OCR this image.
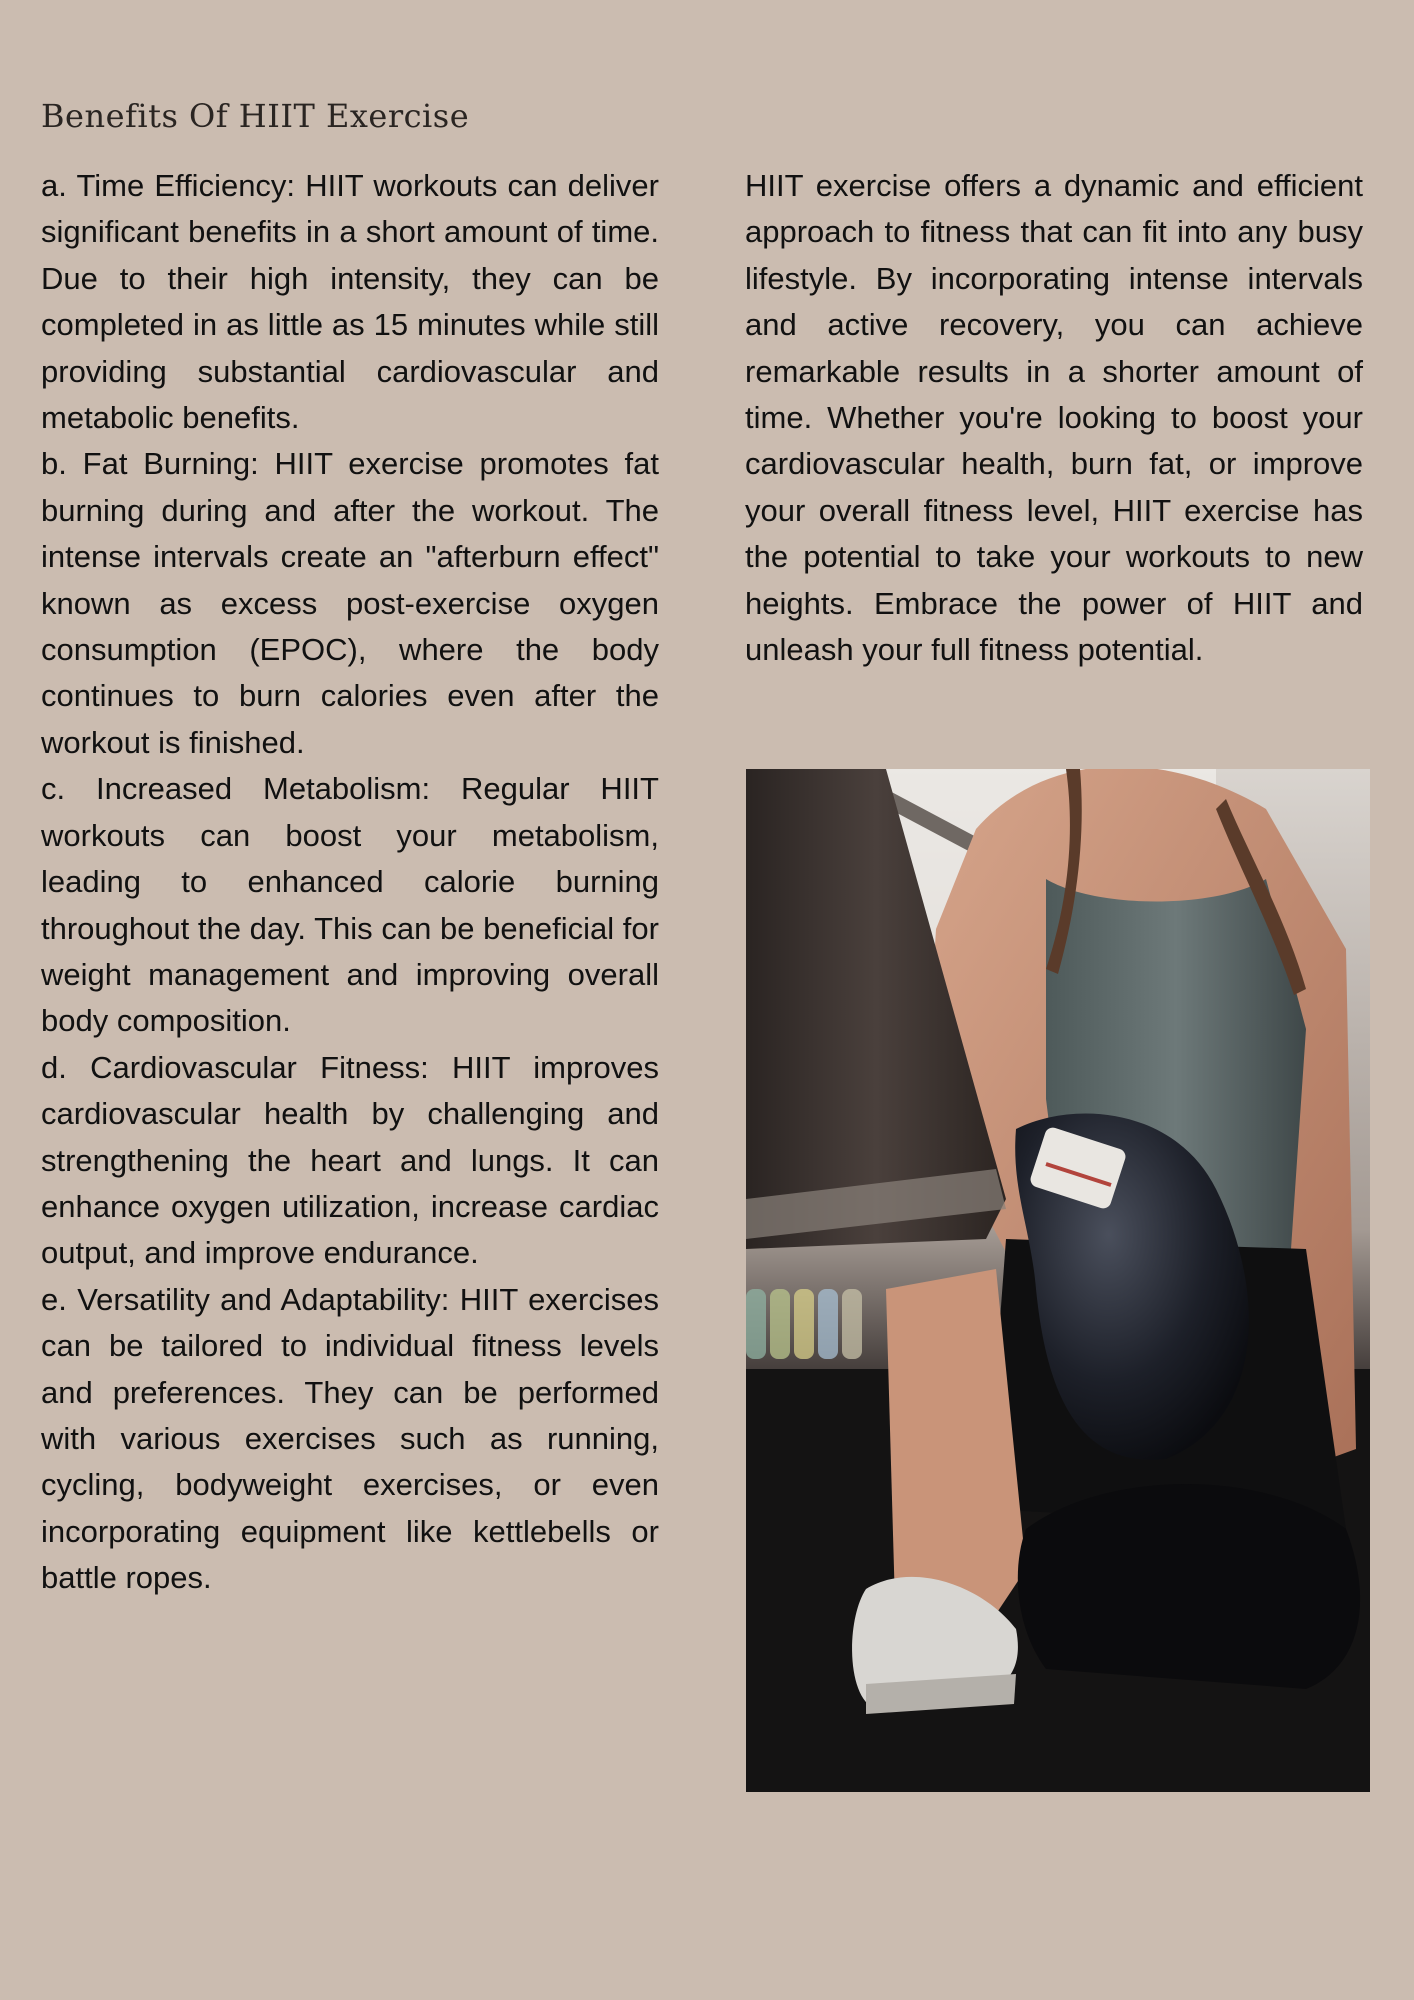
Benefits Of HIIT Exercise

a. Time Efficiency: HIIT workouts can deliver significant benefits in a short amount of time. Due to their high intensity, they can be completed in as little as 15 minutes while still providing substantial cardiovascular and metabolic benefits.

b. Fat Burning: HIIT exercise promotes fat burning during and after the workout. The intense intervals create an "afterburn effect" known as excess post-exercise oxygen consumption (EPOC), where the body continues to burn calories even after the workout is finished.

c. Increased Metabolism: Regular HIIT workouts can boost your metabolism, leading to enhanced calorie burning throughout the day. This can be beneficial for weight management and improving overall body composition.

d. Cardiovascular Fitness: HIIT improves cardiovascular health by challenging and strengthening the heart and lungs. It can enhance oxygen utilization, increase cardiac output, and improve endurance.

e. Versatility and Adaptability: HIIT exercises can be tailored to individual fitness levels and preferences. They can be performed with various exercises such as running, cycling, bodyweight exercises, or even incorporating equipment like kettlebells or battle ropes.

HIIT exercise offers a dynamic and efficient approach to fitness that can fit into any busy lifestyle. By incorporating intense intervals and active recovery, you can achieve remarkable results in a shorter amount of time. Whether you're looking to boost your cardiovascular health, burn fat, or improve your overall fitness level, HIIT exercise has the potential to take your workouts to new heights. Embrace the power of HIIT and unleash your full fitness potential.
